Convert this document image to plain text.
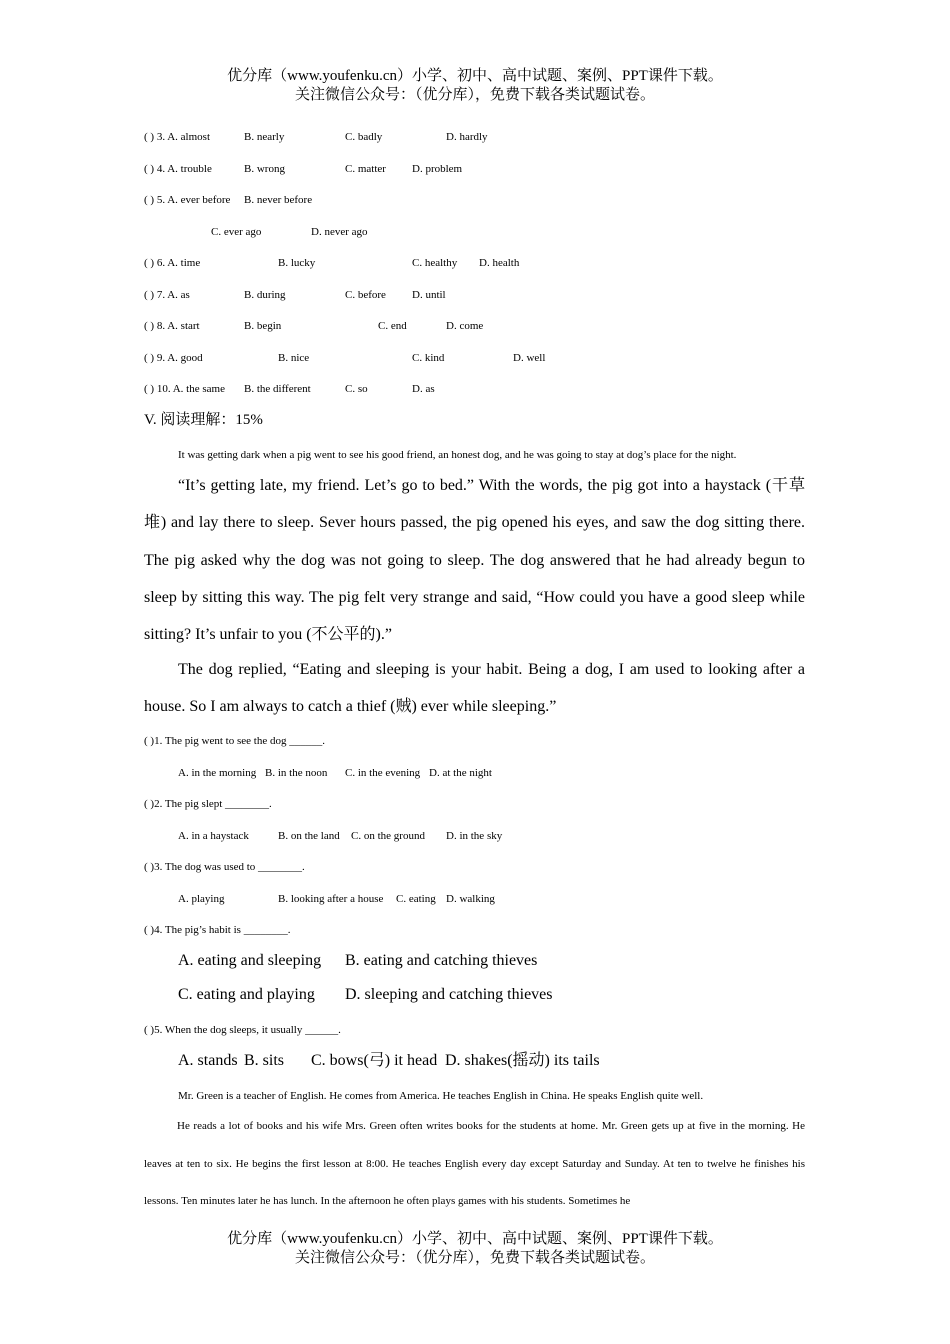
优分库（www.youfenku.cn）小学、初中、高中试题、案例、PPT课件下载。
关注微信公众号：（优分库），免费下载各类试题试卷。
( ) 3. A. almost	B. nearly	C. badly	D. hardly
( ) 4. A. trouble	B. wrong	C. matter D. problem
( ) 5. A. ever before B. never before
C. ever ago	D. never ago
( ) 6. A. time	B. lucky	C. healthy D. health
( ) 7. A. as	B. during	C. before D. until
( ) 8. A. start	B. begin	C. end	D. come
( ) 9. A. good	B. nice	C. kind	D. well
( ) 10. A. the same B. the different	C. so	D. as
V. 阅读理解：15%
It was getting dark when a pig went to see his good friend, an honest dog, and he was going to stay at dog’s place for the night.

“It’s getting late, my friend. Let’s go to bed.” With the words, the pig got into a haystack (干草堆) and lay there to sleep. Sever hours passed, the pig opened his eyes, and saw the dog sitting there. The pig asked why the dog was not going to sleep. The dog answered that he had already begun to sleep by sitting this way. The pig felt very strange and said, “How could you have a good sleep while sitting? It’s unfair to you (不公平的).”

The dog replied, “Eating and sleeping is your habit. Being a dog, I am used to looking after a house. So I am always to catch a thief (贼) ever while sleeping.”

( )1. The pig went to see the dog ______.
A. in the morning B. in the noon C. in the evening D. at the night
( )2. The pig slept ________.
A. in a haystack	B. on the land C. on the ground D. in the sky
( )3. The dog was used to ________.
A. playing	B. looking after a house C. eating D. walking
( )4. The pig’s habit is ________.
A. eating and sleeping B. eating and catching thieves
C. eating and playing D. sleeping and catching thieves
( )5. When the dog sleeps, it usually ______.
A. stands B. sits C. bows(弓) it head D. shakes(摇动) its tails
Mr. Green is a teacher of English. He comes from America. He teaches English in China. He speaks English quite well.

He reads a lot of books and his wife Mrs. Green often writes books for the students at home. Mr. Green gets up at five in the morning. He leaves at ten to six. He begins the first lesson at 8:00. He teaches English every day except Saturday and Sunday. At ten to twelve he finishes his lessons. Ten minutes later he has lunch. In the afternoon he often plays games with his students. Sometimes he

优分库（www.youfenku.cn）小学、初中、高中试题、案例、PPT课件下载。
关注微信公众号：（优分库），免费下载各类试题试卷。
